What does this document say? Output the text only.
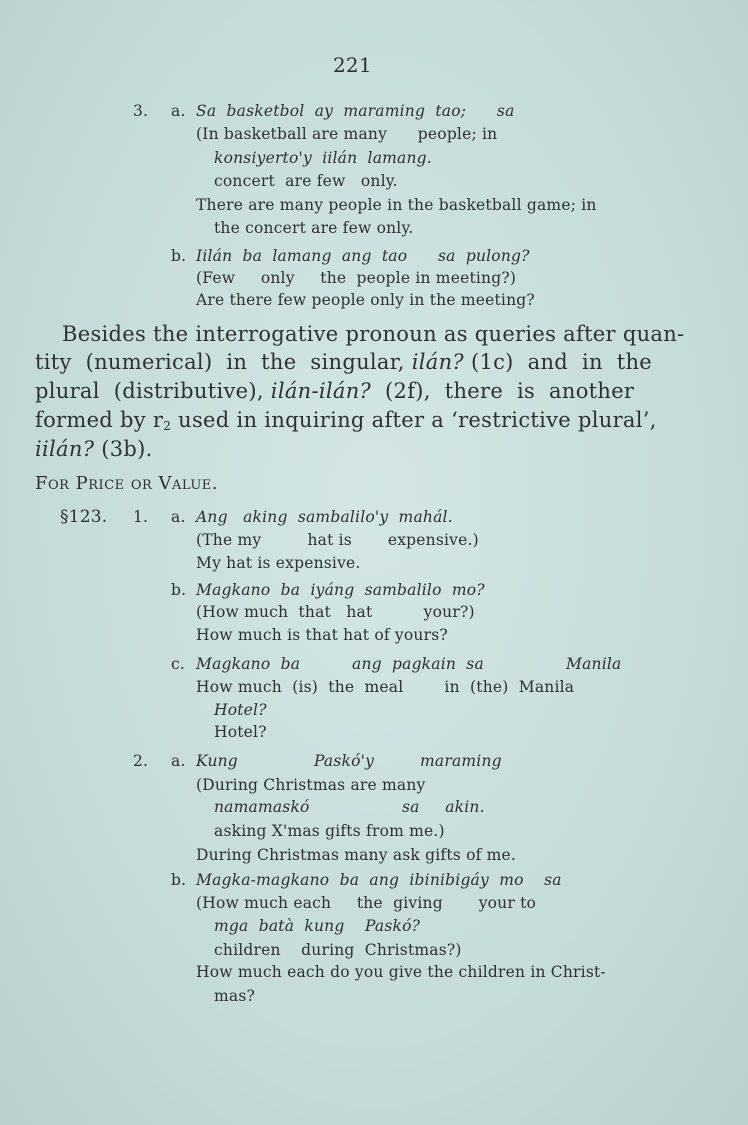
221
3. a. Sa  basketbol  ay  maraming  tao;      sa
(In basketball are many      people; in
konsiyerto'y  iilán  lamang.
concert  are few   only.
There are many people in the basketball game; in
the concert are few only.
b. Iilán  ba  lamang  ang  tao      sa  pulong?
(Few     only     the  people in meeting?)
Are there few people only in the meeting?
Besides the interrogative pronoun as queries after quan-
tity  (numerical)  in  the  singular, ilán? (1c)  and  in  the
plural  (distributive), ilán-ilán?  (2f),  there  is  another
formed by $r_2$ used in inquiring after a ‘restrictive plural’,
iilán? (3b).
For Price or Value.
§123. 1. a. Ang   aking  sambalilo'y  mahál.
(The my         hat is       expensive.)
My hat is expensive.
b. Magkano  ba  iyáng  sambalilo  mo?
(How much  that   hat          your?)
How much is that hat of yours?
c. Magkano  ba	ang  pagkain  sa	Manila
How much  (is)  the  meal        in  (the)  Manila
Hotel?
Hotel?
2. a. Kung	Paskó'y	maraming
(During Christmas are many
namamaskó	sa     akin.
asking X'mas gifts from me.)
During Christmas many ask gifts of me.
b. Magka-magkano  ba  ang  ibinibigáy  mo    sa
(How much each     the  giving       your to
mga  batà  kung    Paskó?
children    during  Christmas?)
How much each do you give the children in Christ-
mas?
